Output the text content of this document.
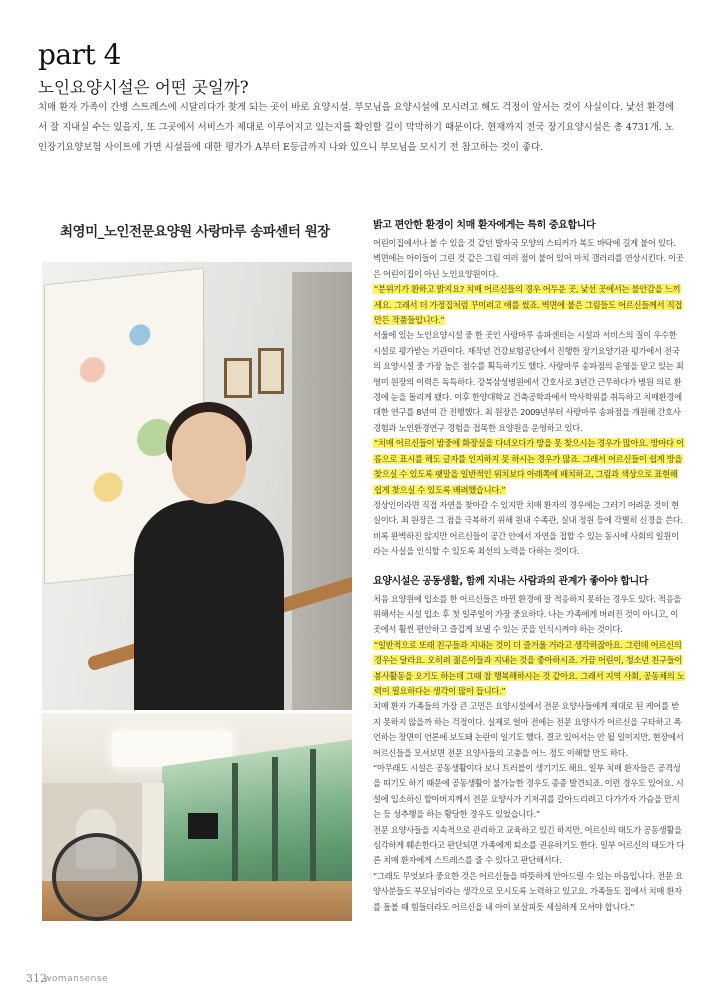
part 4
노인요양시설은 어떤 곳일까?

치매 환자 가족이 간병 스트레스에 시달리다가 찾게 되는 곳이 바로 요양시설. 부모님을 요양시설에 모시려고 해도 걱정이 앞서는 것이 사실이다. 낯선 환경에서 잘 지내실 수는 있을지, 또 그곳에서 서비스가 제대로 이루어지고 있는지를 확인할 길이 막막하기 때문이다. 현재까지 전국 장기요양시설은 총 4731개. 노인장기요양보험 사이트에 가면 시설들에 대한 평가가 A부터 E등급까지 나와 있으니 부모님을 모시기 전 참고하는 것이 좋다.

최영미_노인전문요양원 사랑마루 송파센터 원장	밝고 편안한 환경이 치매 환자에게는 특히 중요합니다

어린이집에서나 볼 수 있을 것 같던 발자국 모양의 스티커가 복도 바닥에 길게 붙어 있다. 벽면에는 아이들이 그린 것 같은 그림 여러 점이 붙어 있어 마치 갤러리를 연상시킨다. 이곳은 어린이집이 아닌 노인요양원이다.

“분위기가 환하고 밝지요? 치매 어르신들의 경우 어두운 곳, 낯선 곳에서는 불안감을 느끼세요. 그래서 더 가정집처럼 꾸미려고 애를 썼죠. 벽면에 붙은 그림들도 어르신들께서 직접 만든 작품들입니다.”

서울에 있는 노인요양시설 중 한 곳인 사랑마루 송파센터는 시설과 서비스의 질이 우수한 시설로 평가받는 기관이다. 재작년 건강보험공단에서 진행한 장기요양기관 평가에서 전국의 요양시설 중 가장 높은 점수를 획득하기도 했다. 사랑마루 송파점의 운영을 맡고 있는 최영미 원장의 이력은 독특하다. 강북삼성병원에서 간호사로 3년간 근무하다가 병원 의료 환경에 눈을 돌리게 됐다. 이후 한양대학교 건축공학과에서 박사학위를 취득하고 치매환경에 대한 연구를 8년여 간 진행했다. 최 원장은 2009년부터 사랑마루 송파점을 개원해 간호사 경험과 노인환경연구 경험을 접목한 요양원을 운영하고 있다.

“치매 어르신들이 밤중에 화장실을 다녀오다가 방을 못 찾으시는 경우가 많아요. 방마다 이름으로 표시를 해도 글자를 인지하지 못 하시는 경우가 많죠. 그래서 어르신들이 쉽게 방을 찾으실 수 있도록 팻말을 일반적인 위치보다 아래쪽에 배치하고, 그림과 색상으로 표현해 쉽게 찾으실 수 있도록 배려했습니다.”

정상인이라면 직접 자연을 찾아갈 수 있지만 치매 환자의 경우에는 그러기 어려운 것이 현실이다. 최 원장은 그 점을 극복하기 위해 원내 수족관, 실내 정원 등에 각별히 신경을 쓴다. 비록 완벽하진 않지만 어르신들이 공간 안에서 자연을 접할 수 있는 동시에 사회의 일원이라는 사실을 인식할 수 있도록 최선의 노력을 다하는 것이다.

요양시설은 공동생활, 함께 지내는 사람과의 관계가 좋아야 합니다

처음 요양원에 입소를 한 어르신들은 바뀐 환경에 잘 적응하지 못하는 경우도 있다. 적응을 위해서는 시설 입소 후 첫 일주일이 가장 중요하다. 나는 가족에게 버려진 것이 아니고, 이곳에서 훨씬 편안하고 즐겁게 보낼 수 있는 곳을 인식시켜야 하는 것이다.

“일반적으로 또래 친구들과 지내는 것이 더 즐거울 거라고 생각하잖아요. 그런데 어르신의 경우는 달라요. 오히려 젊은이들과 지내는 것을 좋아하시죠. 가끔 어린이, 청소년 친구들이 봉사활동을 오기도 하는데 그때 참 행복해하시는 것 같아요. 그래서 지역 사회, 공동체의 노력이 필요하다는 생각이 많이 듭니다.”

치매 환자 가족들의 가장 큰 고민은 요양시설에서 전문 요양사들에게 제대로 된 케어를 받지 못하지 않을까 하는 걱정이다. 실제로 얼마 전에는 전문 요양사가 어르신을 구타하고 폭언하는 장면이 언론에 보도돼 논란이 일기도 했다. 결코 있어서는 안 될 일이지만, 현장에서 어르신들을 모셔보면 전문 요양사들의 고충을 어느 정도 이해할 만도 하다.

“아무래도 시설은 공동생활이다 보니 트러블이 생기기도 해요. 일부 치매 환자들은 공격성을 띠기도 하기 때문에 공동생활이 불가능한 경우도 종종 발견되죠. 이런 경우도 있어요. 시설에 입소하신 할아버지께서 전문 요양사가 기저귀를 갈아드리려고 다가가자 가슴을 만지는 등 성추행을 하는 황당한 경우도 있었습니다.”

전문 요양사들을 지속적으로 관리하고 교육하고 있긴 하지만, 어르신의 태도가 공동생활을 심각하게 훼손한다고 판단되면 가족에게 퇴소를 권유하기도 한다. 일부 어르신의 태도가 다른 치매 환자에게 스트레스를 줄 수 있다고 판단해서다.

“그래도 무엇보다 중요한 것은 어르신들을 따뜻하게 안아드릴 수 있는 마음입니다. 전문 요양사분들도 부모님이라는 생각으로 모시도록 노력하고 있고요. 가족들도 집에서 치매 환자를 돌볼 때 힘들더라도 어르신을 내 아이 보살피듯 세심하게 모셔야 합니다.”

312
womansense
